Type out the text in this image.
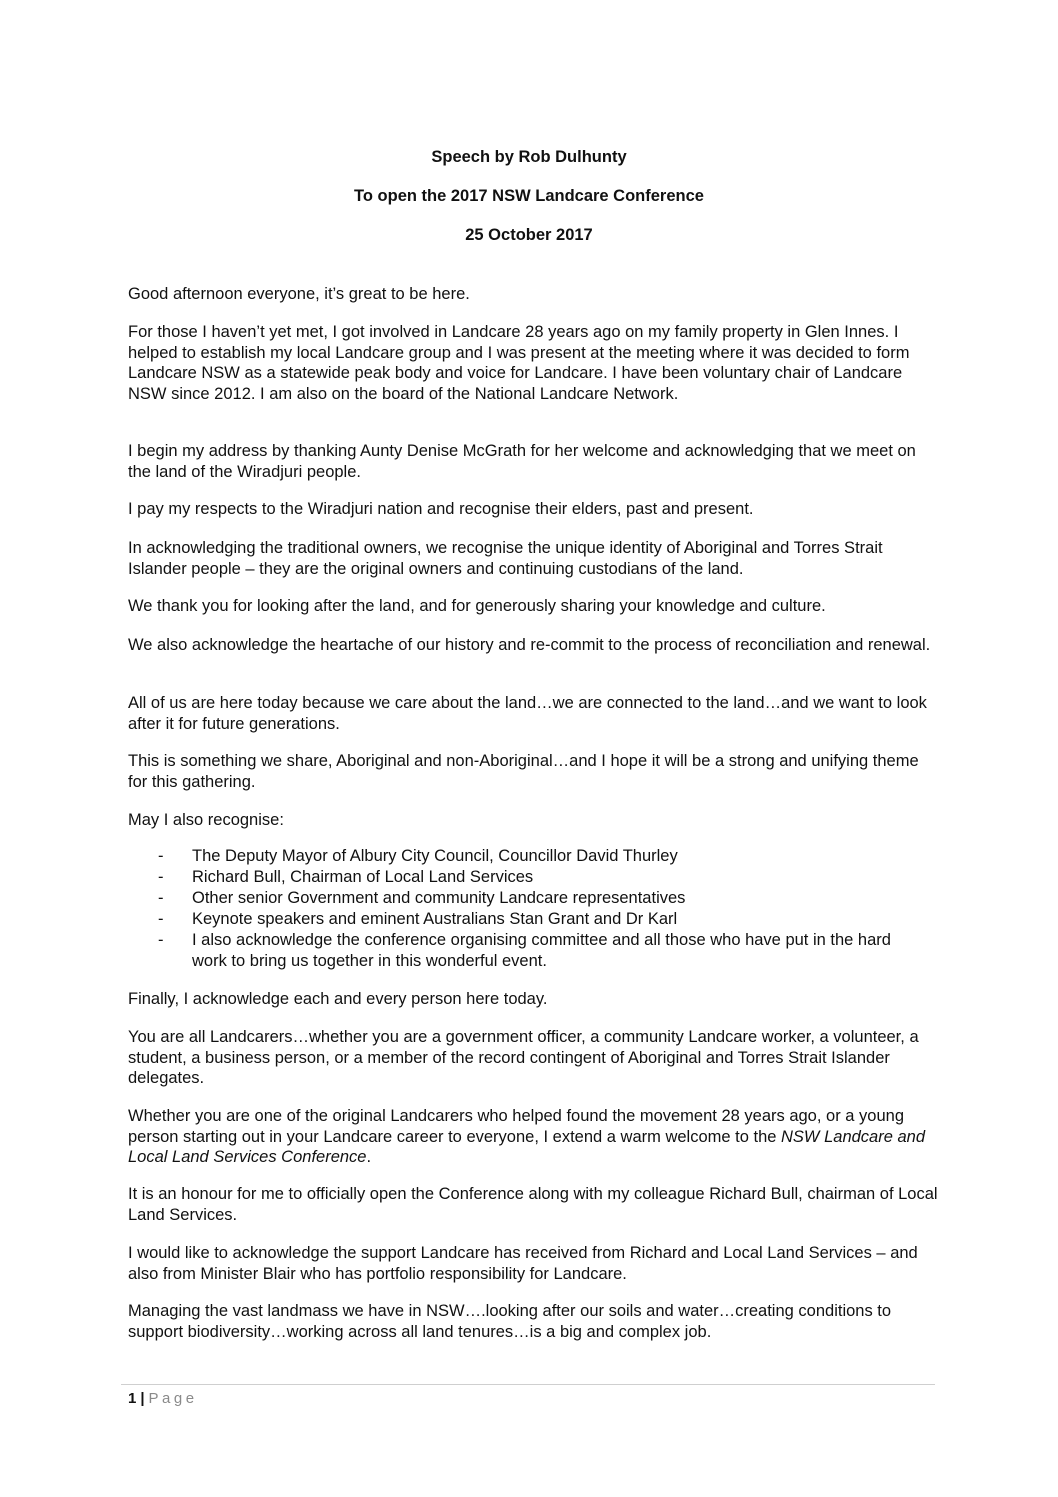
Speech by Rob Dulhunty
To open the 2017 NSW Landcare Conference
25 October 2017

Good afternoon everyone, it’s great to be here.

For those I haven’t yet met, I got involved in Landcare 28 years ago on my family property in Glen Innes. I helped to establish my local Landcare group and I was present at the meeting where it was decided to form Landcare NSW as a statewide peak body and voice for Landcare. I have been voluntary chair of Landcare NSW since 2012. I am also on the board of the National Landcare Network.

I begin my address by thanking Aunty Denise McGrath for her welcome and acknowledging that we meet on the land of the Wiradjuri people.

I pay my respects to the Wiradjuri nation and recognise their elders, past and present.

In acknowledging the traditional owners, we recognise the unique identity of Aboriginal and Torres Strait Islander people – they are the original owners and continuing custodians of the land.

We thank you for looking after the land, and for generously sharing your knowledge and culture.

We also acknowledge the heartache of our history and re-commit to the process of reconciliation and renewal.

All of us are here today because we care about the land…we are connected to the land…and we want to look after it for future generations.

This is something we share, Aboriginal and non-Aboriginal…and I hope it will be a strong and unifying theme for this gathering.

May I also recognise:

- The Deputy Mayor of Albury City Council, Councillor David Thurley
- Richard Bull, Chairman of Local Land Services
- Other senior Government and community Landcare representatives
- Keynote speakers and eminent Australians Stan Grant and Dr Karl
- I also acknowledge the conference organising committee and all those who have put in the hard work to bring us together in this wonderful event.

Finally, I acknowledge each and every person here today.

You are all Landcarers…whether you are a government officer, a community Landcare worker, a volunteer, a student, a business person, or a member of the record contingent of Aboriginal and Torres Strait Islander delegates.

Whether you are one of the original Landcarers who helped found the movement 28 years ago, or a young person starting out in your Landcare career to everyone, I extend a warm welcome to the NSW Landcare and Local Land Services Conference.

It is an honour for me to officially open the Conference along with my colleague Richard Bull, chairman of Local Land Services.

I would like to acknowledge the support Landcare has received from Richard and Local Land Services – and also from Minister Blair who has portfolio responsibility for Landcare.

Managing the vast landmass we have in NSW….looking after our soils and water…creating conditions to support biodiversity…working across all land tenures…is a big and complex job.

1 | Page
